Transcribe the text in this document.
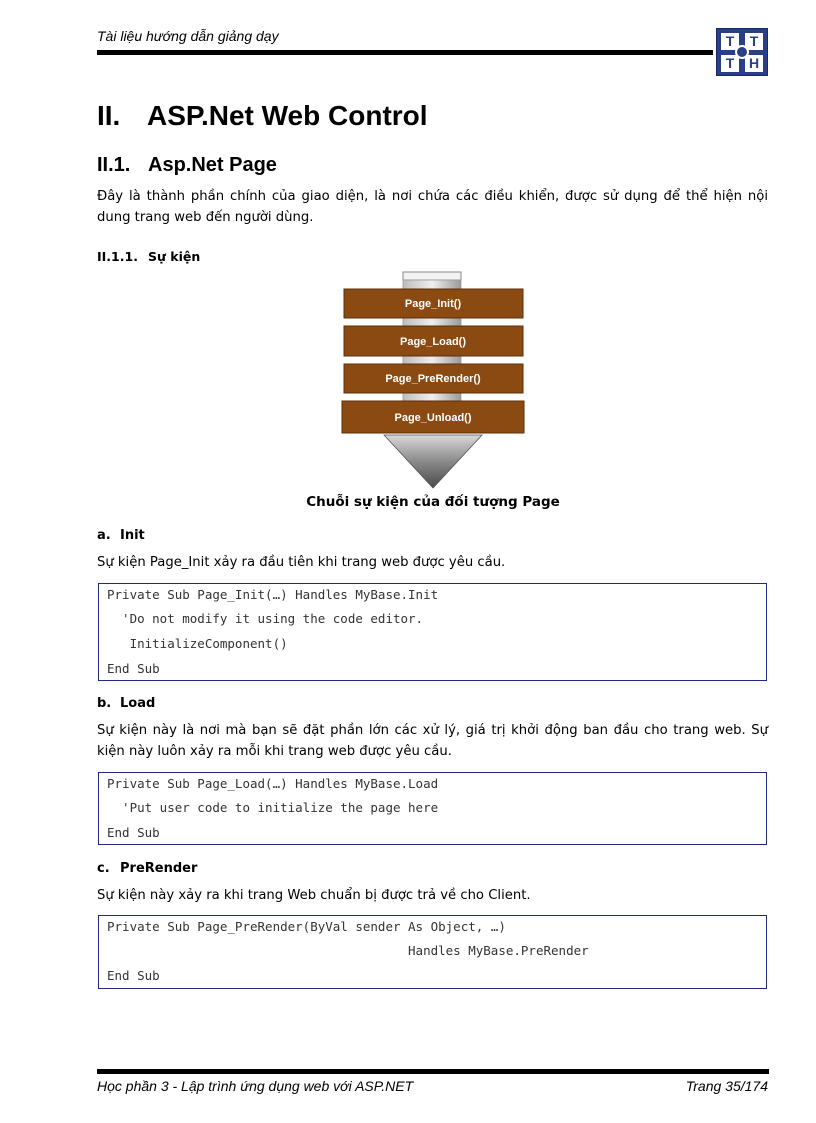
Tài liệu hướng dẫn giảng dạy	T	T
T	H
II. ASP.Net Web Control
II.1. Asp.Net Page
Đây là thành phần chính của giao diện, là nơi chứa các điều khiển, được sử dụng để thể hiện nội dung trang web đến người dùng.
II.1.1. Sự kiện
Page_Init()
Page_Load()
Page_PreRender()
Page_Unload()
Chuỗi sự kiện của đối tượng Page
a. Init
Sự kiện Page_Init xảy ra đầu tiên khi trang web được yêu cầu.
Private Sub Page_Init(…) Handles MyBase.Init
'Do not modify it using the code editor.
InitializeComponent()
End Sub
b. Load
Sự kiện này là nơi mà bạn sẽ đặt phần lớn các xử lý, giá trị khởi động ban đầu cho trang web. Sự kiện này luôn xảy ra mỗi khi trang web được yêu cầu.
Private Sub Page_Load(…) Handles MyBase.Load
'Put user code to initialize the page here
End Sub
c. PreRender
Sự kiện này xảy ra khi trang Web chuẩn bị được trả về cho Client.
Private Sub Page_PreRender(ByVal sender As Object, …)
Handles MyBase.PreRender
End Sub
Học phần 3 - Lập trình ứng dụng web với ASP.NET	Trang 35/174
